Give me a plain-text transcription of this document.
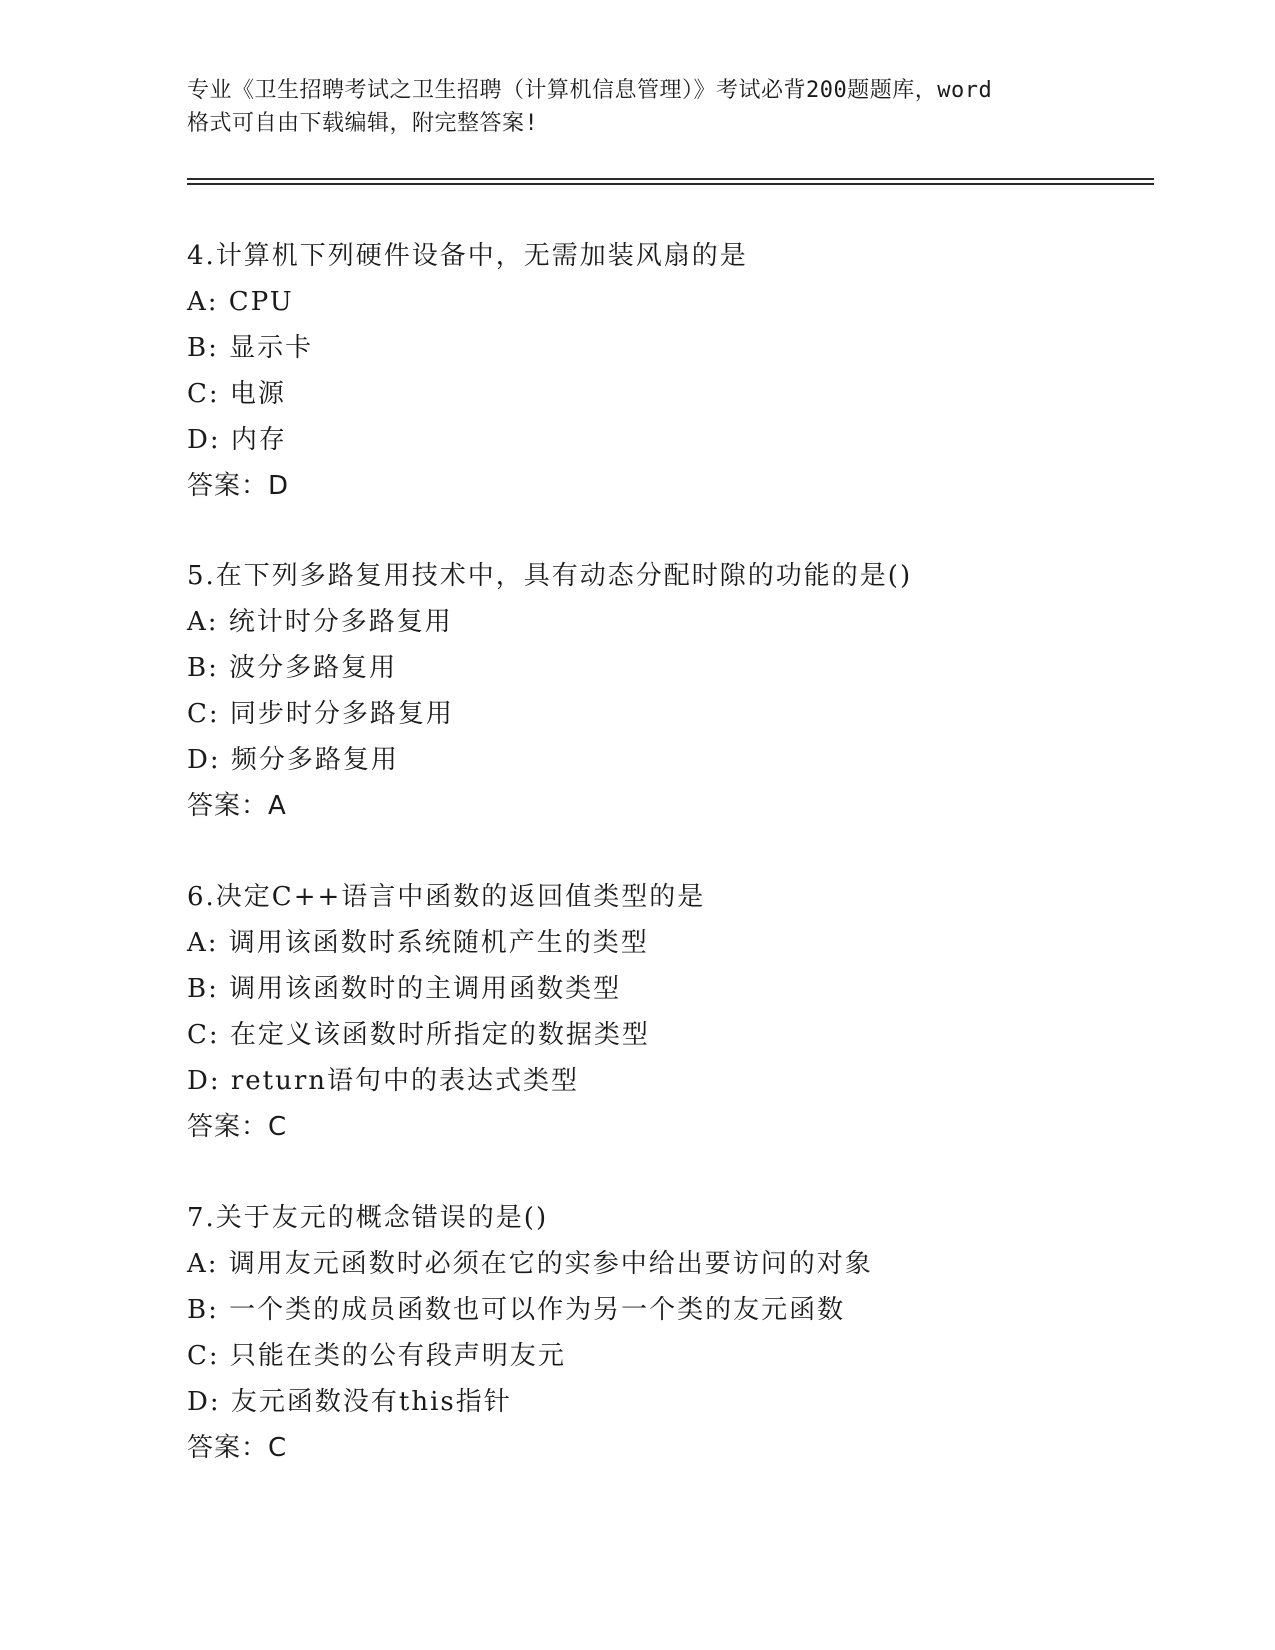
专业《卫生招聘考试之卫生招聘（计算机信息管理）》考试必背200题题库，word
格式可自由下载编辑，附完整答案!
4.计算机下列硬件设备中，无需加装风扇的是
A: CPU
B: 显示卡
C: 电源
D: 内存
答案：D
5.在下列多路复用技术中，具有动态分配时隙的功能的是()
A: 统计时分多路复用
B: 波分多路复用
C: 同步时分多路复用
D: 频分多路复用
答案：A
6.决定C++语言中函数的返回值类型的是
A: 调用该函数时系统随机产生的类型
B: 调用该函数时的主调用函数类型
C: 在定义该函数时所指定的数据类型
D: return语句中的表达式类型
答案：C
7.关于友元的概念错误的是()
A: 调用友元函数时必须在它的实参中给出要访问的对象
B: 一个类的成员函数也可以作为另一个类的友元函数
C: 只能在类的公有段声明友元
D: 友元函数没有this指针
答案：C
